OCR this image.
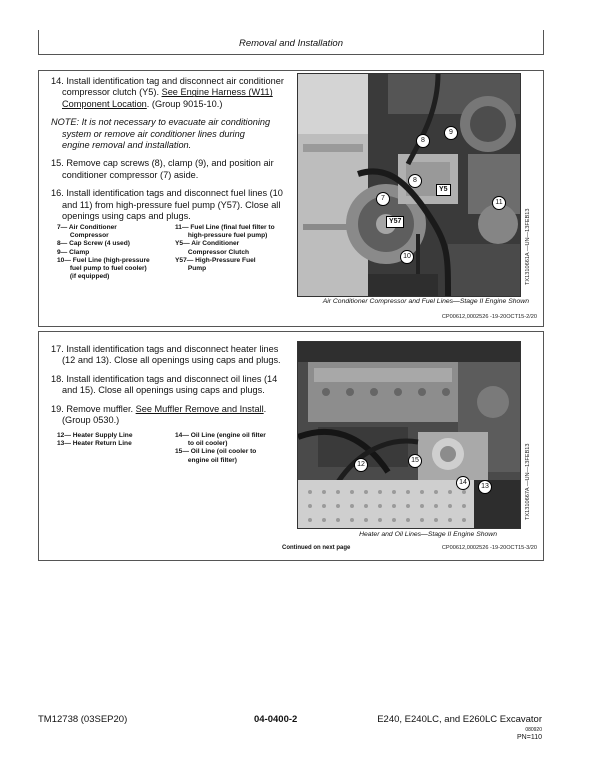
Removal and Installation
14. Install identification tag and disconnect air conditioner
compressor clutch (Y5). See Engine Harness (W11)
Component Location. (Group 9015-10.)
NOTE: It is not necessary to evacuate air conditioning
system or remove air conditioner lines during
engine removal and installation.
15. Remove cap screws (8), clamp (9), and position air
conditioner compressor (7) aside.
16. Install identification tags and disconnect fuel lines (10
and 11) from high-pressure fuel pump (Y57). Close all
openings using caps and plugs.
7— Air Conditioner
Compressor
8— Cap Screw (4 used)
9— Clamp
10— Fuel Line (high-pressure
fuel pump to fuel cooler)
(if equipped)
11— Fuel Line (final fuel filter to
high-pressure fuel pump)
Y5— Air Conditioner
Compressor Clutch
Y57— High-Pressure Fuel
Pump
7
8
9
8
Y5
11
Y57
10	TX1310661A —UN—13FEB13
Air Conditioner Compressor and Fuel Lines—Stage II Engine Shown
CP00612,0002526 -19-20OCT15-2/20
17. Install identification tags and disconnect heater lines
(12 and 13). Close all openings using caps and plugs.
18. Install identification tags and disconnect oil lines (14
and 15). Close all openings using caps and plugs.
19. Remove muffler. See Muffler Remove and Install.
(Group 0530.)
12— Heater Supply Line
13— Heater Return Line
14— Oil Line (engine oil filter
to oil cooler)
15— Oil Line (oil cooler to
engine oil filter)
12
15
14
13	TX1310667A —UN—13FEB13
Heater and Oil Lines—Stage II Engine Shown
Continued on next page	CP00612,0002526 -19-20OCT15-3/20
TM12738 (03SEP20)	04-0400-2	E240, E240LC, and E260LC Excavator
080920
PN=110
